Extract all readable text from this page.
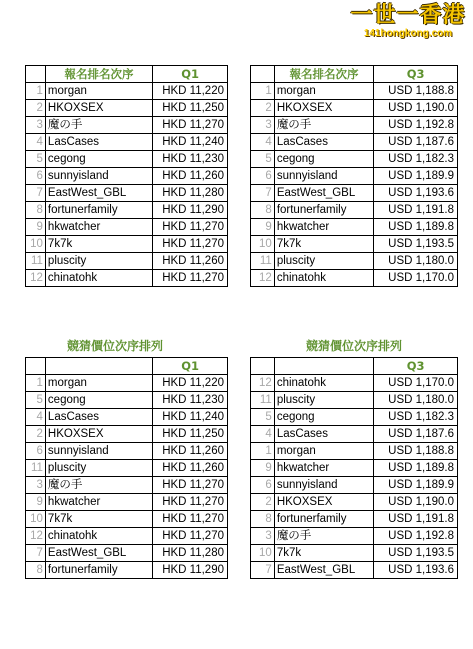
一世一香港
141hongkong.com
	報名排名次序	Q1
1	morgan	HKD 11,220
2	HKOXSEX	HKD 11,250
3	魔の手	HKD 11,270
4	LasCases	HKD 11,240
5	cegong	HKD 11,230
6	sunnyisland	HKD 11,260
7	EastWest_GBL	HKD 11,280
8	fortunerfamily	HKD 11,290
9	hkwatcher	HKD 11,270
10	7k7k	HKD 11,270
11	pluscity	HKD 11,260
12	chinatohk	HKD 11,270
	報名排名次序	Q3
1	morgan	USD 1,188.8
2	HKOXSEX	USD 1,190.0
3	魔の手	USD 1,192.8
4	LasCases	USD 1,187.6
5	cegong	USD 1,182.3
6	sunnyisland	USD 1,189.9
7	EastWest_GBL	USD 1,193.6
8	fortunerfamily	USD 1,191.8
9	hkwatcher	USD 1,189.8
10	7k7k	USD 1,193.5
11	pluscity	USD 1,180.0
12	chinatohk	USD 1,170.0
競猜價位次序排列
		Q1
1	morgan	HKD 11,220
5	cegong	HKD 11,230
4	LasCases	HKD 11,240
2	HKOXSEX	HKD 11,250
6	sunnyisland	HKD 11,260
11	pluscity	HKD 11,260
3	魔の手	HKD 11,270
9	hkwatcher	HKD 11,270
10	7k7k	HKD 11,270
12	chinatohk	HKD 11,270
7	EastWest_GBL	HKD 11,280
8	fortunerfamily	HKD 11,290
競猜價位次序排列
		Q3
12	chinatohk	USD 1,170.0
11	pluscity	USD 1,180.0
5	cegong	USD 1,182.3
4	LasCases	USD 1,187.6
1	morgan	USD 1,188.8
9	hkwatcher	USD 1,189.8
6	sunnyisland	USD 1,189.9
2	HKOXSEX	USD 1,190.0
8	fortunerfamily	USD 1,191.8
3	魔の手	USD 1,192.8
10	7k7k	USD 1,193.5
7	EastWest_GBL	USD 1,193.6
